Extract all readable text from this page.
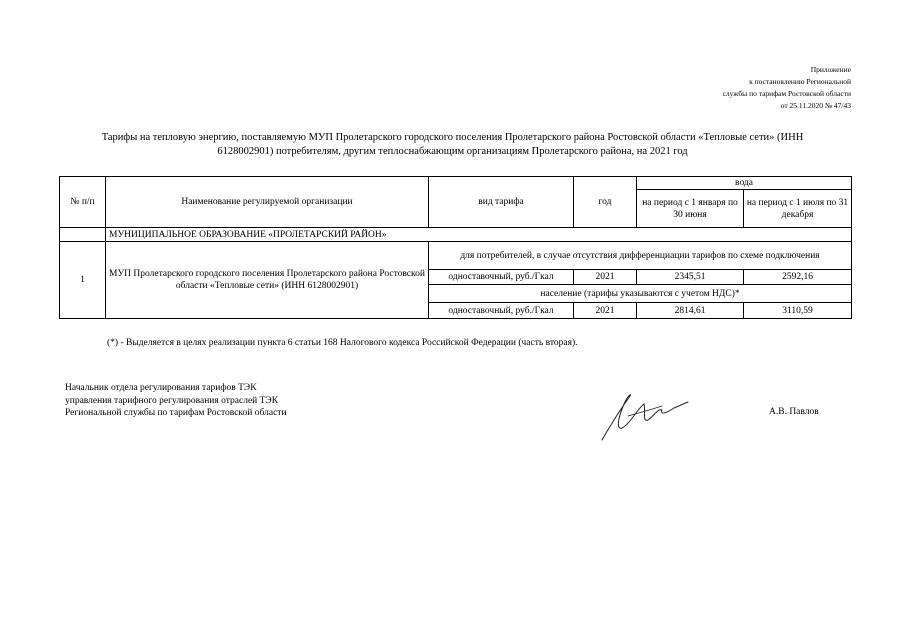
Приложение
к постановлению Региональной
службы по тарифам Ростовской области
от 25.11.2020 № 47/43
Тарифы на тепловую энергию, поставляемую МУП Пролетарского городского поселения Пролетарского района Ростовской области «Тепловые сети» (ИНН
6128002901) потребителям, другим теплоснабжающим организациям Пролетарского района, на 2021 год
№ п/п	Наименование регулируемой организации	вид тарифа	год	вода	
				на период с 1 января по 30 июня	на период с 1 июля по 31 декабря
	МУНИЦИПАЛЬНОЕ ОБРАЗОВАНИЕ «ПРОЛЕТАРСКИЙ РАЙОН»				
1	МУП Пролетарского городского поселения Пролетарского района Ростовской области «Тепловые сети» (ИНН 6128002901)	для потребителей, в случае отсутствия дифференциации тарифов по схеме подключения			
		одноставочный, руб./Гкал	2021	2345,51	2592,16
		население (тарифы указываются с учетом НДС)*			
		одноставочный, руб./Гкал	2021	2814,61	3110,59
(*) - Выделяется в целях реализации пункта 6 статьи 168 Налогового кодекса Российской Федерации (часть вторая).
Начальник отдела регулирования тарифов ТЭК
управления тарифного регулирования отраслей ТЭК
Региональной службы по тарифам Ростовской области	А.В. Павлов
